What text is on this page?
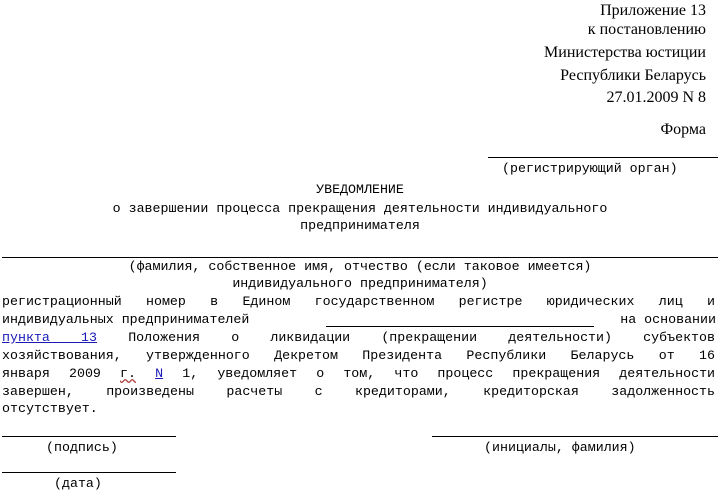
Приложение 13
к постановлению
Министерства юстиции
Республики Беларусь
27.01.2009 N 8
Форма
(регистрирующий орган)
УВЕДОМЛЕНИЕ
о завершении процесса прекращения деятельности индивидуального
предпринимателя
(фамилия, собственное имя, отчество (если таковое имеется)
индивидуального предпринимателя)
регистрационный номер в Едином государственном регистре юридических лиц и
индивидуальных предпринимателей	на основании
пункта 13 Положения о ликвидации (прекращении деятельности) субъектов
хозяйствования, утвержденного Декретом Президента Республики Беларусь от 16
января 2009 г. N 1, уведомляет о том, что процесс прекращения деятельности
завершен, произведены расчеты с кредиторами, кредиторская задолженность
отсутствует.
(подпись)	(инициалы, фамилия)
(дата)
